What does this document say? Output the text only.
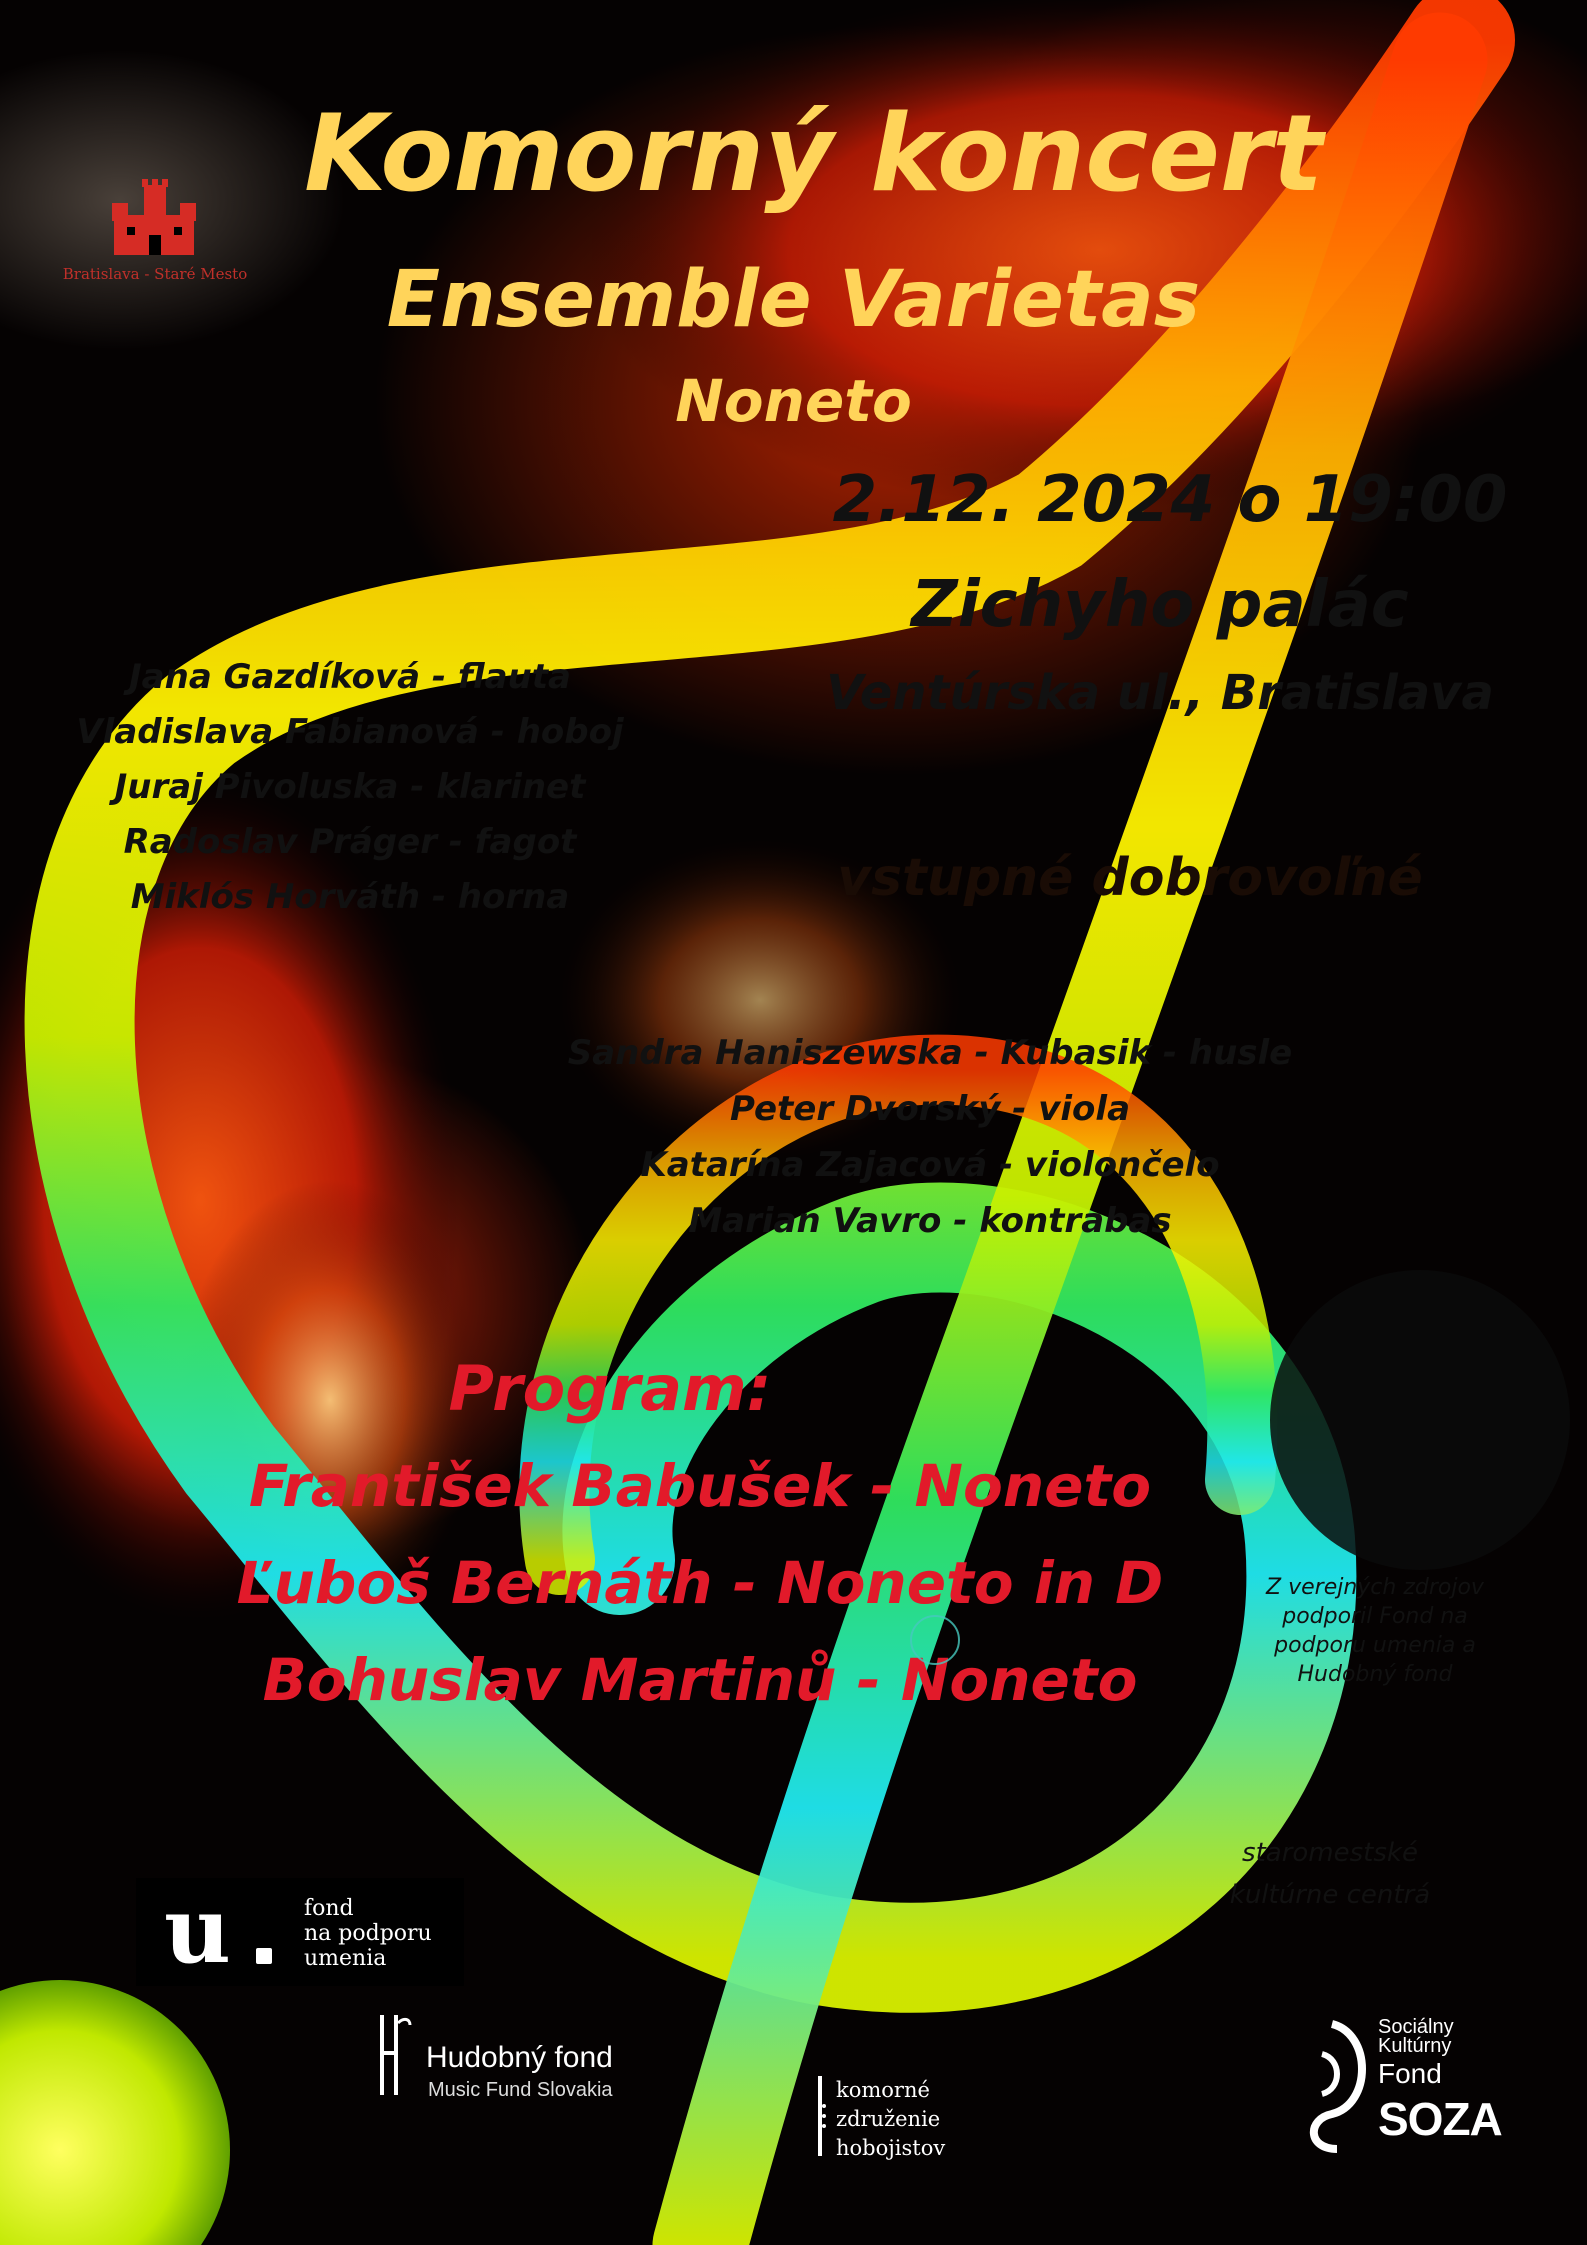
Bratislava - Staré Mesto

Komorný koncert
Ensemble Varietas
Noneto

2.12. 2024 o 19:00

Zichyho palác

Ventúrska ul., Bratislava

vstupné dobrovoľné

Jana Gazdíková - flauta
Vladislava Fabianová - hoboj
Juraj Pivoluska - klarinet
Radoslav Práger - fagot
Miklós Horváth - horna
Sandra Haniszewska - Kubasik - husle
Peter Dvorský - viola
Katarína Zajacová - violončelo
Marian Vavro - kontrabas
Program:
František Babušek - Noneto
Ľuboš Bernáth - Noneto in D
Bohuslav Martinů - Noneto

Z verejných zdrojov podporil Fond na podporu umenia a Hudobný fond

staromestské kultúrne centrá

u	fond
na podporu
umenia

Hudobný fond

Music Fund Slovakia	komorné
združenie
hobojistov

Sociálny
Kultúrny

Fond

SOZA
